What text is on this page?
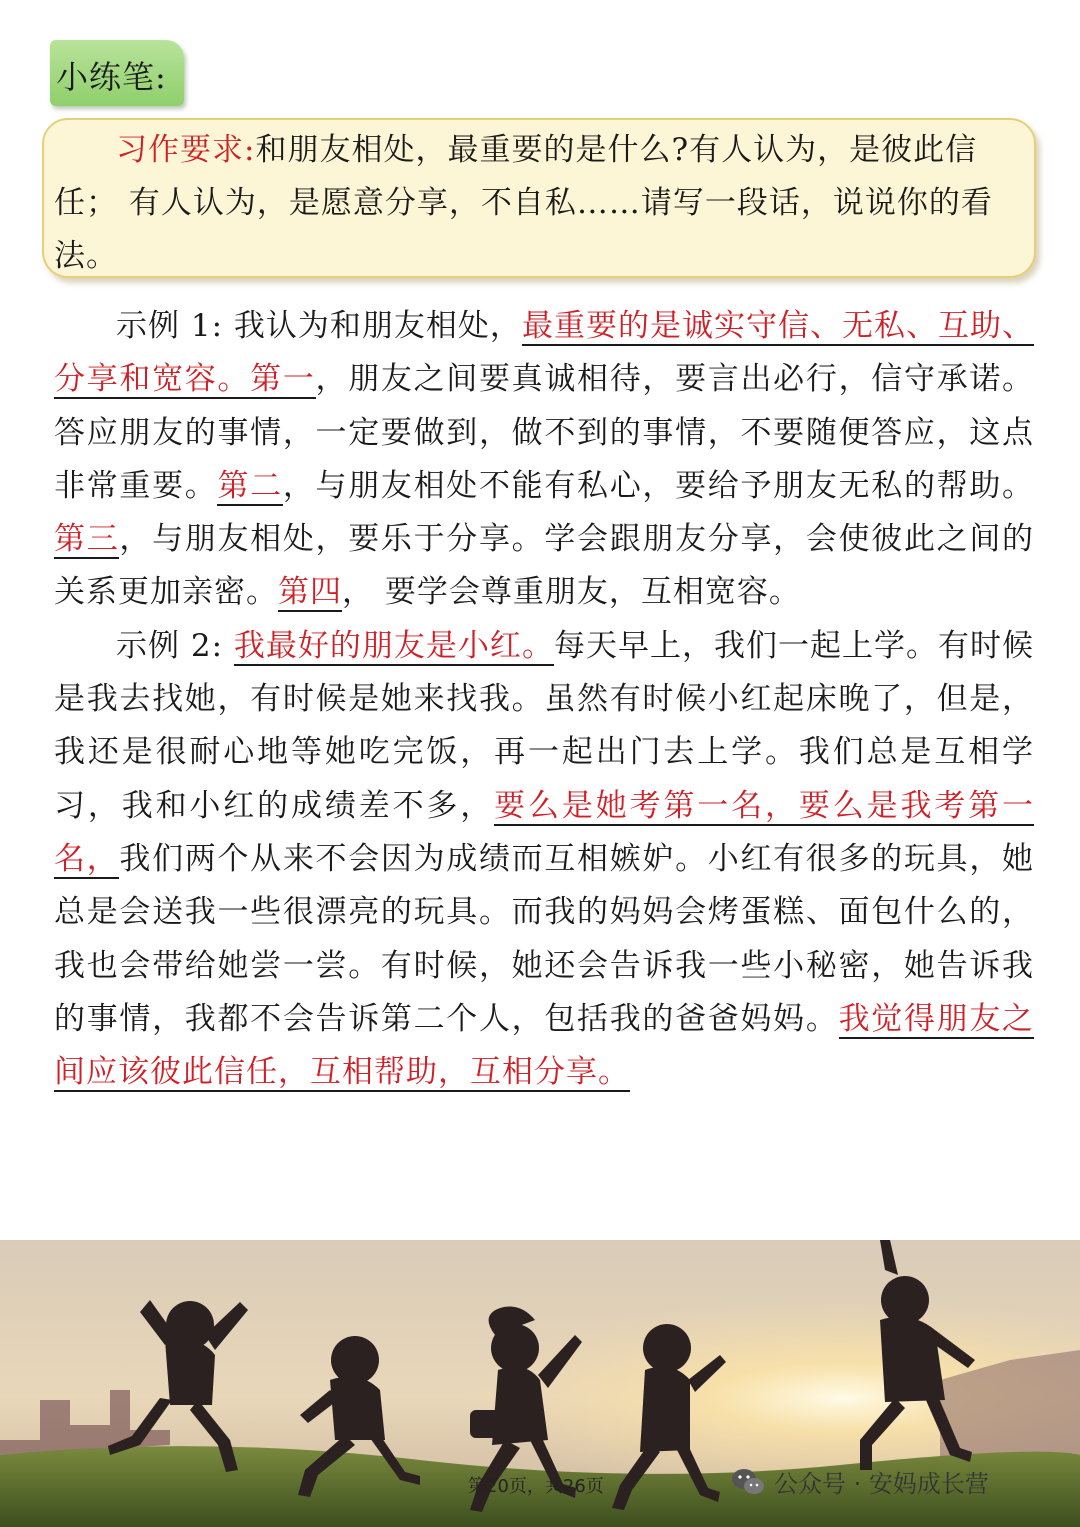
小练笔:
习作要求:和朋友相处，最重要的是什么?有人认为，是彼此信任； 有人认为，是愿意分享，不自私……请写一段话，说说你的看法。

示例 1: 我认为和朋友相处，最重要的是诚实守信、无私、互助、分享和宽容。第一，朋友之间要真诚相待，要言出必行，信守承诺。答应朋友的事情，一定要做到，做不到的事情，不要随便答应，这点非常重要。第二，与朋友相处不能有私心，要给予朋友无私的帮助。第三，与朋友相处，要乐于分享。学会跟朋友分享，会使彼此之间的关系更加亲密。第四， 要学会尊重朋友，互相宽容。

示例 2: 我最好的朋友是小红。每天早上，我们一起上学。有时候是我去找她，有时候是她来找我。虽然有时候小红起床晚了，但是，我还是很耐心地等她吃完饭，再一起出门去上学。我们总是互相学习，我和小红的成绩差不多，要么是她考第一名，要么是我考第一名，我们两个从来不会因为成绩而互相嫉妒。小红有很多的玩具，她总是会送我一些很漂亮的玩具。而我的妈妈会烤蛋糕、面包什么的，我也会带给她尝一尝。有时候，她还会告诉我一些小秘密，她告诉我的事情，我都不会告诉第二个人，包括我的爸爸妈妈。我觉得朋友之间应该彼此信任，互相帮助，互相分享。

第20页，共26页	公众号 · 安妈成长营
